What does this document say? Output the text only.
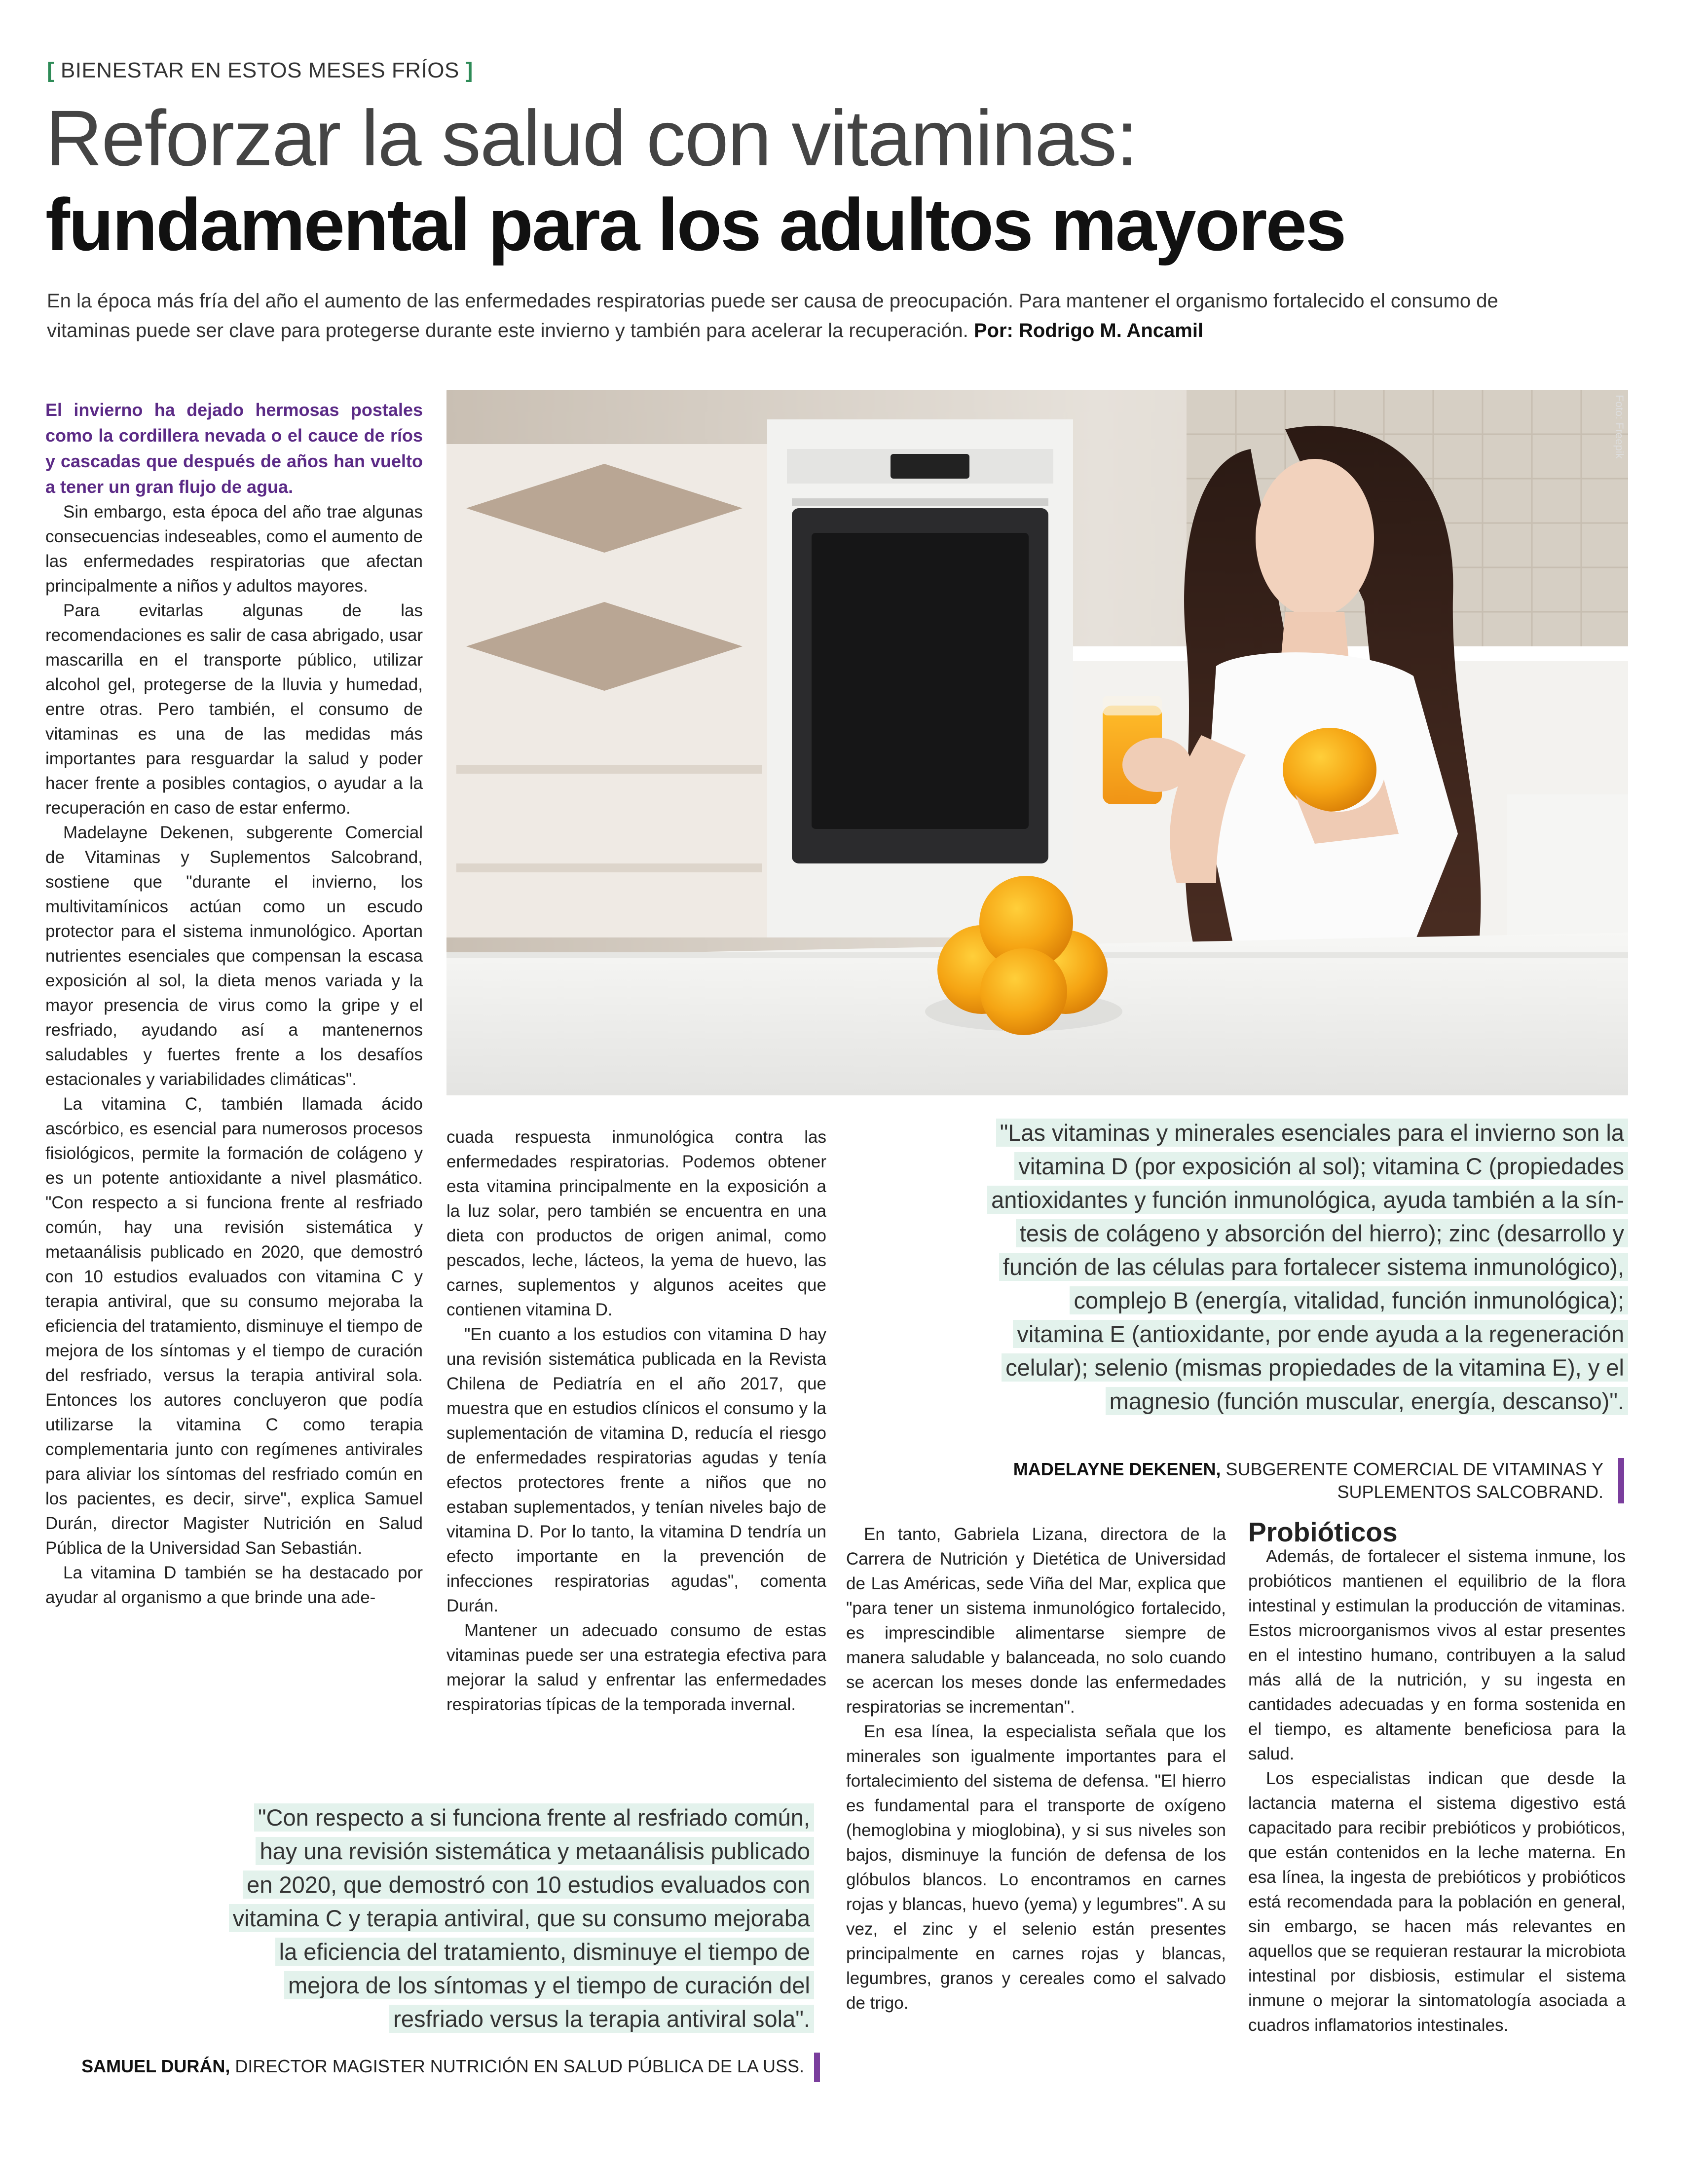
[ BIENESTAR EN ESTOS MESES FRÍOS ]
Reforzar la salud con vitaminas:
fundamental para los adultos mayores
En la época más fría del año el aumento de las enfermedades respiratorias puede ser causa de preocupación. Para mantener el organismo fortalecido el consumo de vitaminas puede ser clave para protegerse durante este invierno y también para acelerar la recuperación. Por: Rodrigo M. Ancamil
Foto: Freepik

El invierno ha dejado hermosas postales como la cordillera nevada o el cauce de ríos y cascadas que después de años han vuelto a tener un gran flujo de agua.

Sin embargo, esta época del año trae algunas consecuencias indeseables, como el aumento de las enfermedades respiratorias que afectan principalmente a niños y adultos mayores.

Para evitarlas algunas de las recomendaciones es salir de casa abrigado, usar mascarilla en el transporte público, utilizar alcohol gel, protegerse de la lluvia y humedad, entre otras. Pero también, el consumo de vitaminas es una de las medidas más importantes para resguardar la salud y poder hacer frente a posibles contagios, o ayudar a la recuperación en caso de estar enfermo.

Madelayne Dekenen, subgerente Comercial de Vitaminas y Suplementos Salcobrand, sostiene que "durante el invierno, los multivitamínicos actúan como un escudo protector para el sistema inmunológico. Aportan nutrientes esenciales que compensan la escasa exposición al sol, la dieta menos variada y la mayor presencia de virus como la gripe y el resfriado, ayudando así a mantenernos saludables y fuertes frente a los desafíos estacionales y variabilidades climáticas".

La vitamina C, también llamada ácido ascórbico, es esencial para numerosos procesos fisiológicos, permite la formación de colágeno y es un potente antioxidante a nivel plasmático. "Con respecto a si funciona frente al resfriado común, hay una revisión sistemática y metaanálisis publicado en 2020, que demostró con 10 estudios evaluados con vitamina C y terapia antiviral, que su consumo mejoraba la eficiencia del tratamiento, disminuye el tiempo de mejora de los síntomas y el tiempo de curación del resfriado, versus la terapia antiviral sola. Entonces los autores concluyeron que podía utilizarse la vitamina C como terapia complementaria junto con regímenes antivirales para aliviar los síntomas del resfriado común en los pacientes, es decir, sirve", explica Samuel Durán, director Magister Nutrición en Salud Pública de la Universidad San Sebastián.

La vitamina D también se ha destacado por ayudar al organismo a que brinde una ade-

cuada respuesta inmunológica contra las enfermedades respiratorias. Podemos obtener esta vitamina principalmente en la exposición a la luz solar, pero también se encuentra en una dieta con productos de origen animal, como pescados, leche, lácteos, la yema de huevo, las carnes, suplementos y algunos aceites que contienen vitamina D.

"En cuanto a los estudios con vitamina D hay una revisión sistemática publicada en la Revista Chilena de Pediatría en el año 2017, que muestra que en estudios clínicos el consumo y la suplementación de vitamina D, reducía el riesgo de enfermedades respiratorias agudas y tenía efectos protectores frente a niños que no estaban suplementados, y tenían niveles bajo de vitamina D. Por lo tanto, la vitamina D tendría un efecto importante en la prevención de infecciones respiratorias agudas", comenta Durán.

Mantener un adecuado consumo de estas vitaminas puede ser una estrategia efectiva para mejorar la salud y enfrentar las enfermedades respiratorias típicas de la temporada invernal.

"Las vitaminas y minerales esenciales para el invierno son la
vitamina D (por exposición al sol); vitamina C (propiedades
antioxidantes y función inmunológica, ayuda también a la sín-
tesis de colágeno y absorción del hierro); zinc (desarrollo y
función de las células para fortalecer sistema inmunológico),
complejo B (energía, vitalidad, función inmunológica);
vitamina E (antioxidante, por ende ayuda a la regeneración
celular); selenio (mismas propiedades de la vitamina E), y el
magnesio (función muscular, energía, descanso)".
MADELAYNE DEKENEN, SUBGERENTE COMERCIAL DE VITAMINAS Y
SUPLEMENTOS SALCOBRAND.
"Con respecto a si funciona frente al resfriado común,
hay una revisión sistemática y metaanálisis publicado
en 2020, que demostró con 10 estudios evaluados con
vitamina C y terapia antiviral, que su consumo mejoraba
la eficiencia del tratamiento, disminuye el tiempo de
mejora de los síntomas y el tiempo de curación del
resfriado versus la terapia antiviral sola".
SAMUEL DURÁN, DIRECTOR MAGISTER NUTRICIÓN EN SALUD PÚBLICA DE LA USS.

En tanto, Gabriela Lizana, directora de la Carrera de Nutrición y Dietética de Universidad de Las Américas, sede Viña del Mar, explica que "para tener un sistema inmunológico fortalecido, es imprescindible alimentarse siempre de manera saludable y balanceada, no solo cuando se acercan los meses donde las enfermedades respiratorias se incrementan".

En esa línea, la especialista señala que los minerales son igualmente importantes para el fortalecimiento del sistema de defensa. "El hierro es fundamental para el transporte de oxígeno (hemoglobina y mioglobina), y si sus niveles son bajos, disminuye la función de defensa de los glóbulos blancos. Lo encontramos en carnes rojas y blancas, huevo (yema) y legumbres". A su vez, el zinc y el selenio están presentes principalmente en carnes rojas y blancas, legumbres, granos y cereales como el salvado de trigo.

Probióticos

Además, de fortalecer el sistema inmune, los probióticos mantienen el equilibrio de la flora intestinal y estimulan la producción de vitaminas. Estos microorganismos vivos al estar presentes en el intestino humano, contribuyen a la salud más allá de la nutrición, y su ingesta en cantidades adecuadas y en forma sostenida en el tiempo, es altamente beneficiosa para la salud.

Los especialistas indican que desde la lactancia materna el sistema digestivo está capacitado para recibir prebióticos y probióticos, que están contenidos en la leche materna. En esa línea, la ingesta de prebióticos y probióticos está recomendada para la población en general, sin embargo, se hacen más relevantes en aquellos que se requieran restaurar la microbiota intestinal por disbiosis, estimular el sistema inmune o mejorar la sintomatología asociada a cuadros inflamatorios intestinales.
